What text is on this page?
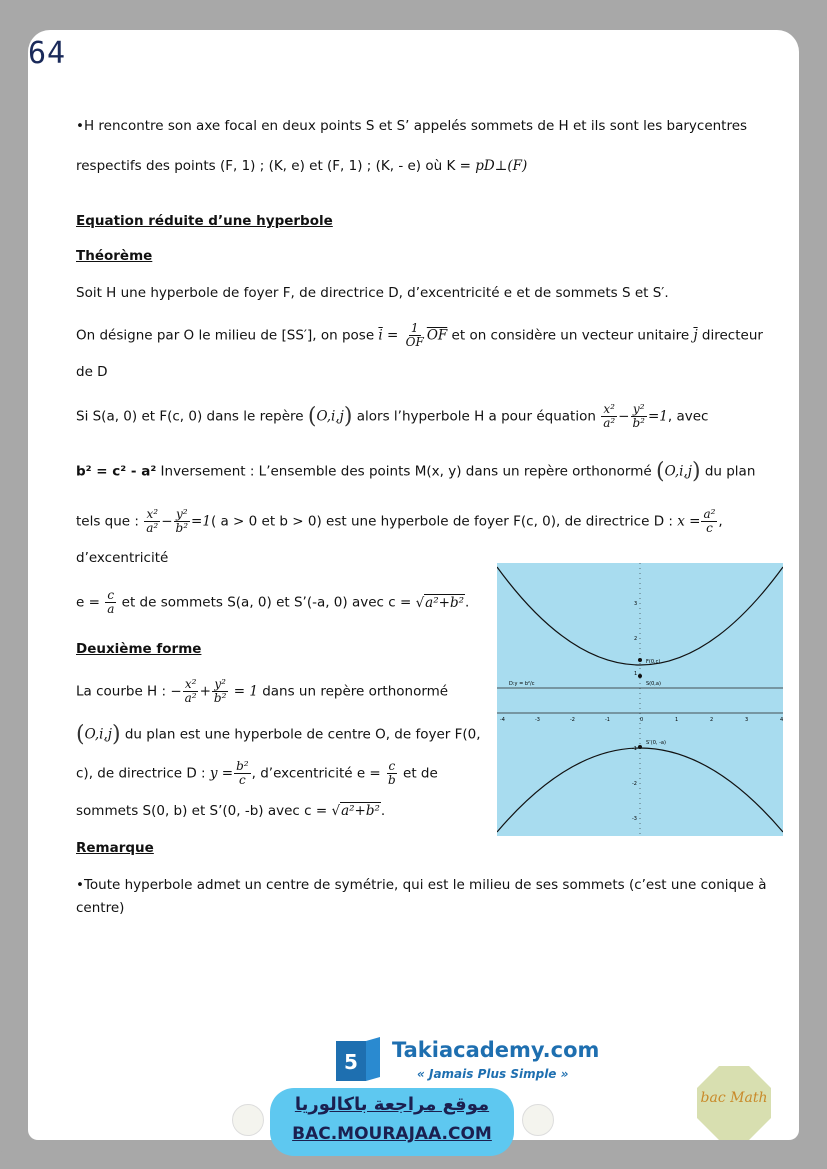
64
•H rencontre son axe focal en deux points S et S’ appelés sommets de H et ils sont les barycentres
respectifs des points (F, 1) ; (K, e) et (F, 1) ; (K, - e) où K = pD⊥(F)
Equation réduite d’une hyperbole
Théorème
Soit H une hyperbole de foyer F, de directrice D, d’excentricité e et de sommets S et S′.
On désigne par O le milieu de [SS′], on pose $\overline{i} = \frac{1}{OF} \overline{OF}$ et on considère un vecteur unitaire $\overline{j}$ directeur
de D
Si S(a, 0) et F(c, 0) dans le repère (O,i,j) alors l’hyperbole H a pour équation $\frac{\text{x²}}{\text{a²}} - \frac{\text{y²}}{\text{b²}} =1$, avec
b² = c² - a² Inversement : L’ensemble des points M(x, y) dans un repère orthonormé (O,i,j) du plan
tels que : $\frac{\text{x²}}{\text{a²}} - \frac{\text{y²}}{\text{b²}} =1$( a > 0 et b > 0) est une hyperbole de foyer F(c, 0), de directrice D : $x = \frac{\text{a²}}{c}$ ,
d’excentricité
$e = \frac{c}{a}$ et de sommets S(a, 0) et S’(-a, 0) avec c = √a²+b².
Deuxième forme
La courbe H : − $\frac{\text{x²}}{\text{a²}} + \frac{\text{y²}}{\text{b²}} = 1$ dans un repère orthonormé
(O,i,j) du plan est une hyperbole de centre O, de foyer F(0,
c), de directrice D : $y = \frac{\text{b²}}{c}$ , d’excentricité $e = \frac{c}{b}$ et de
sommets S(0, b) et S’(0, -b) avec c = √a²+b².
Remarque
•Toute hyperbole admet un centre de symétrie, qui est le milieu de ses sommets (c’est une conique à
centre)
-4	-3	-2	-1	0	1	2	3	4
3
2
1
-1
-2
-3
F(0,c)
S(0,a)
S’(0, -a)
D:y = b²/c
5 Takiacademy.com
« Jamais Plus Simple »
موقع مراجعة باكالوريا
BAC.MOURAJAA.COM
bac Math
